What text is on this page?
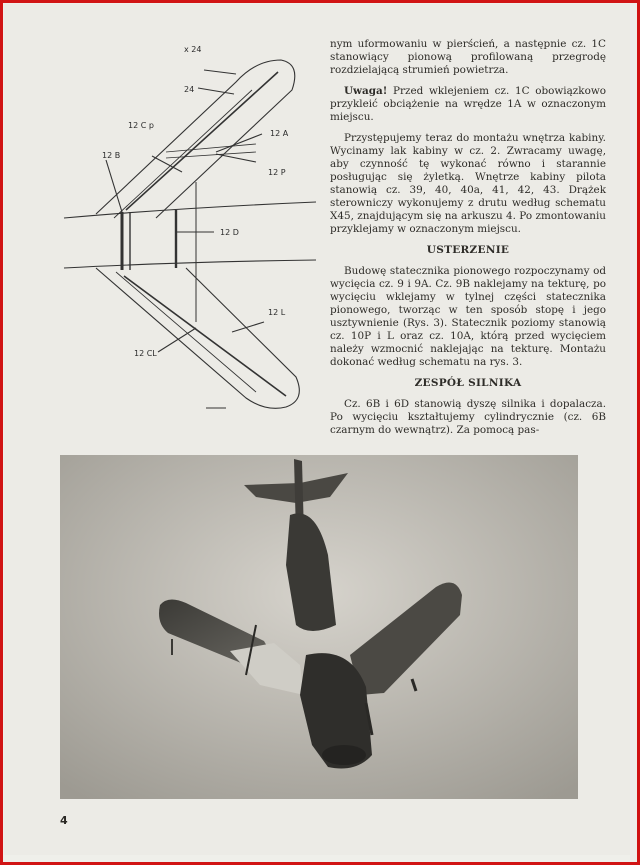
x 24
24
12 C p
12 A
12 B
12 P
12 D
12 L
12 CL

nym uformowaniu w pierścień, a następnie cz. 1C stanowiący pionową profilowaną przegrodę rozdzielającą strumień powietrza.

Uwaga! Przed wklejeniem cz. 1C obowiązkowo przykleić obciążenie na wrędze 1A w oznaczonym miejscu.

Przystępujemy teraz do montażu wnętrza kabiny. Wycinamy lak kabiny w cz. 2. Zwracamy uwagę, aby czynność tę wykonać równo i starannie posługując się żyletką. Wnętrze kabiny pilota stanowią cz. 39, 40, 40a, 41, 42, 43. Drążek sterowniczy wykonujemy z drutu według schematu X45, znajdującym się na arkuszu 4. Po zmontowaniu przyklejamy w oznaczonym miejscu.

USTERZENIE

Budowę statecznika pionowego rozpoczynamy od wycięcia cz. 9 i 9A. Cz. 9B naklejamy na tekturę, po wycięciu wklejamy w tylnej części statecznika pionowego, tworząc w ten sposób stopę i jego usztywnienie (Rys. 3). Statecznik poziomy stanowią cz. 10P i L oraz cz. 10A, którą przed wycięciem należy wzmocnić naklejając na tekturę. Montażu dokonać według schematu na rys. 3.

ZESPÓŁ SILNIKA

Cz. 6B i 6D stanowią dyszę silnika i dopalacza. Po wycięciu kształtujemy cylindrycznie (cz. 6B czarnym do wewnątrz). Za pomocą pas-

4
